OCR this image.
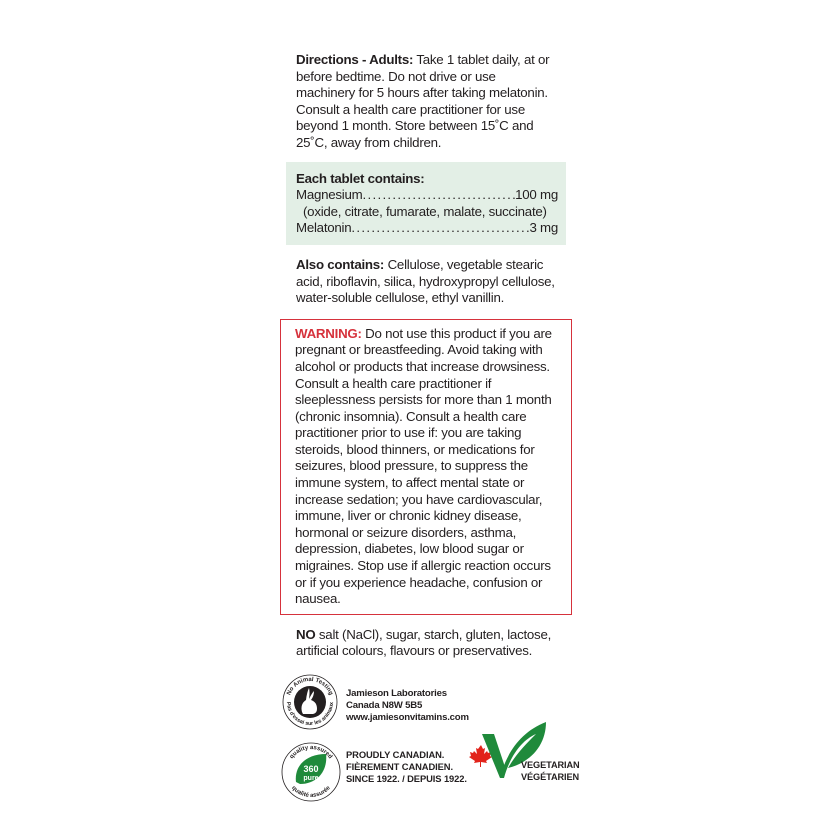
Directions - Adults: Take 1 tablet daily, at or before bedtime. Do not drive or use machinery for 5 hours after taking melatonin. Consult a health care practitioner for use beyond 1 month. Store between 15˚C and 25˚C, away from children.
Each tablet contains:
Magnesium . . .	100 mg
(oxide, citrate, fumarate, malate, succinate)
Melatonin . . .	3 mg
Also contains: Cellulose, vegetable stearic acid, riboflavin, silica, hydroxypropyl cellulose, water-soluble cellulose, ethyl vanillin.
WARNING: Do not use this product if you are pregnant or breastfeeding. Avoid taking with alcohol or products that increase drowsiness. Consult a health care practitioner if sleeplessness persists for more than 1 month (chronic insomnia). Consult a health care practitioner prior to use if: you are taking steroids, blood thinners, or medications for seizures, blood pressure, to suppress the immune system, to affect mental state or increase sedation; you have cardiovascular, immune, liver or chronic kidney disease, hormonal or seizure disorders, asthma, depression, diabetes, low blood sugar or migraines. Stop use if allergic reaction occurs or if you experience headache, confusion or nausea.
NO salt (NaCl), sugar, starch, gluten, lactose, artificial colours, flavours or preservatives.
No Animal Testing
Pas d'essai sur les animaux
Jamieson Laboratories
Canada N8W 5B5
www.jamiesonvitamins.com
360
pure
quality assured
qualité assurée
PROUDLY CANADIAN.
FIÈREMENT CANADIEN.
SINCE 1922. / DEPUIS 1922.
VEGETARIAN
VÉGÉTARIEN
